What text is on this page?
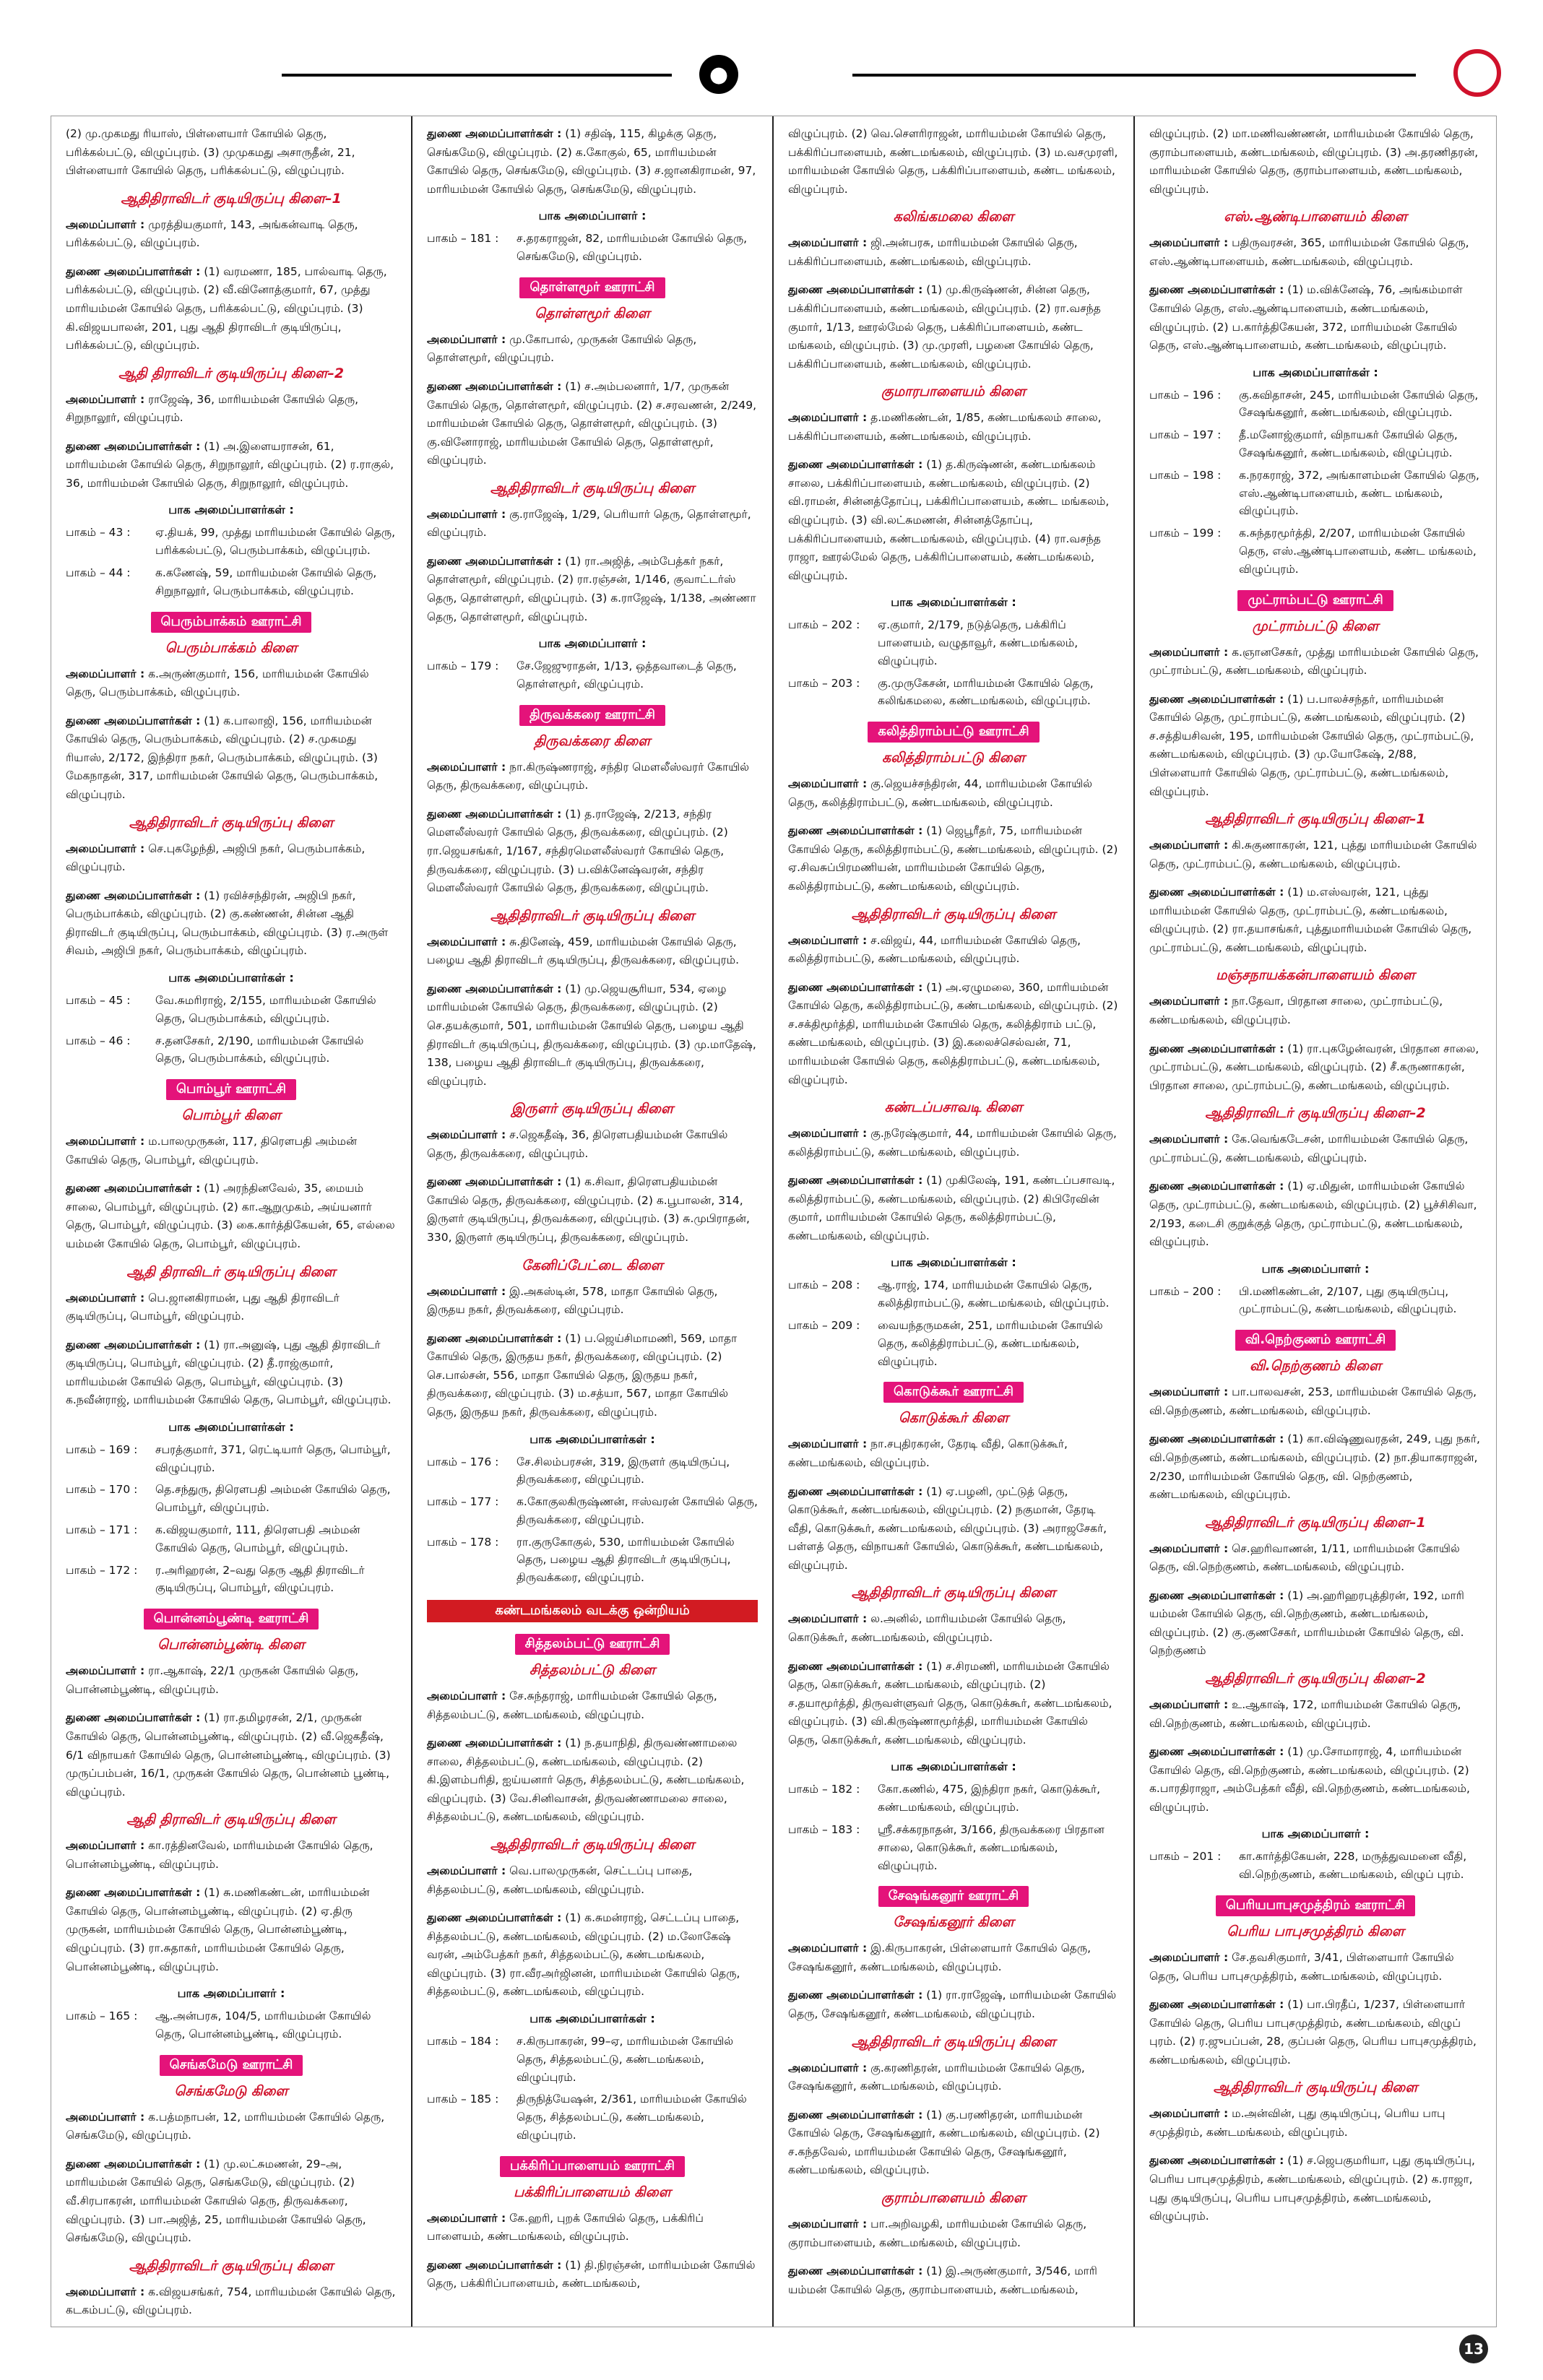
●

(2) மு.முகமது ரியாஸ், பிள்ளையார் கோயில் தெரு, பரிக்கல்பட்டு, விழுப்புரம். (3) முமுகமது அசாருதீன், 21, பிள்ளையார் கோயில் தெரு, பரிக்கல்பட்டு, விழுப்புரம்.

ஆதிதிராவிடர் குடியிருப்பு கிளை–1

அமைப்பாளர் : முரத்தியகுமார், 143, அங்கன்வாடி தெரு, பரிக்கல்பட்டு, விழுப்புரம்.

துணை அமைப்பாளர்கள் : (1) வரமணா, 185, பால்வாடி தெரு, பரிக்கல்பட்டு, விழுப்புரம். (2) வீ.வினோத்குமார், 67, முத்து மாரியம்மன் கோயில் தெரு, பரிக்கல்பட்டு, விழுப்புரம். (3) கி.விஜயபாலன், 201, புது ஆதி திராவிடர் குடியிருப்பு, பரிக்கல்பட்டு, விழுப்புரம்.

ஆதி திராவிடர் குடியிருப்பு கிளை–2

அமைப்பாளர் : ராஜேஷ், 36, மாரியம்மன் கோயில் தெரு, சிறுநாலூர், விழுப்புரம்.

துணை அமைப்பாளர்கள் : (1) அ.இளையராசன், 61, மாரியம்மன் கோயில் தெரு, சிறுநாலூர், விழுப்புரம். (2) ர.ராகுல், 36, மாரியம்மன் கோயில் தெரு, சிறுநாலூர், விழுப்புரம்.

பாக அமைப்பாளர்கள் :
பாகம் – 43 :	ஏ.தியக், 99, முத்து மாரியம்மன் கோயில் தெரு, பரிக்கல்பட்டு, பெரும்பாக்கம், விழுப்புரம்.
பாகம் – 44 :	க.கணேஷ், 59, மாரியம்மன் கோயில் தெரு, சிறுநாலூர், பெரும்பாக்கம், விழுப்புரம்.
பெரும்பாக்கம் ஊராட்சி
பெரும்பாக்கம் கிளை

அமைப்பாளர் : க.அருண்குமார், 156, மாரியம்மன் கோயில் தெரு, பெரும்பாக்கம், விழுப்புரம்.

துணை அமைப்பாளர்கள் : (1) க.பாலாஜி, 156, மாரியம்மன் கோயில் தெரு, பெரும்பாக்கம், விழுப்புரம். (2) ச.முகமது ரியாஸ், 2/172, இந்திரா நகர், பெரும்பாக்கம், விழுப்புரம். (3) மேகநாதன், 317, மாரியம்மன் கோயில் தெரு, பெரும்பாக்கம், விழுப்புரம்.

ஆதிதிராவிடர் குடியிருப்பு கிளை

அமைப்பாளர் : செ.புகழேந்தி, அஜிபி நகர், பெரும்பாக்கம், விழுப்புரம்.

துணை அமைப்பாளர்கள் : (1) ரவிச்சந்திரன், அஜிபி நகர், பெரும்பாக்கம், விழுப்புரம். (2) கு.கண்ணன், சின்ன ஆதி திராவிடர் குடியிருப்பு, பெரும்பாக்கம், விழுப்புரம். (3) ர.அருள் சிவம், அஜிபி நகர், பெரும்பாக்கம், விழுப்புரம்.

பாக அமைப்பாளர்கள் :
பாகம் – 45 :	வே.சுமரிராஜ், 2/155, மாரியம்மன் கோயில் தெரு, பெரும்பாக்கம், விழுப்புரம்.
பாகம் – 46 :	ச.தனசேகர், 2/190, மாரியம்மன் கோயில் தெரு, பெரும்பாக்கம், விழுப்புரம்.
பொம்பூர் ஊராட்சி
பொம்பூர் கிளை

அமைப்பாளர் : ம.பாலமுருகன், 117, திரௌபதி அம்மன் கோயில் தெரு, பொம்பூர், விழுப்புரம்.

துணை அமைப்பாளர்கள் : (1) அரந்தினவேல், 35, மையம் சாலை, பொம்பூர், விழுப்புரம். (2) கா.ஆறுமுகம், அய்யனார் தெரு, பொம்பூர், விழுப்புரம். (3) கை.கார்த்திகேயன், 65, எல்லை யம்மன் கோயில் தெரு, பொம்பூர், விழுப்புரம்.

ஆதி திராவிடர் குடியிருப்பு கிளை

அமைப்பாளர் : பெ.ஜானகிராமன், புது ஆதி திராவிடர் குடியிருப்பு, பொம்பூர், விழுப்புரம்.

துணை அமைப்பாளர்கள் : (1) ரா.அனுஷ், புது ஆதி திராவிடர் குடியிருப்பு, பொம்பூர், விழுப்புரம். (2) தீ.ராஜ்குமார், மாரியம்மன் கோயில் தெரு, பொம்பூர், விழுப்புரம். (3) க.நவீன்ராஜ், மாரியம்மன் கோயில் தெரு, பொம்பூர், விழுப்புரம்.

பாக அமைப்பாளர்கள் :
பாகம் – 169 :	சபரத்குமார், 371, ரெட்டியார் தெரு, பொம்பூர், விழுப்புரம்.
பாகம் – 170 :	தெ.சந்துரு, திரௌபதி அம்மன் கோயில் தெரு, பொம்பூர், விழுப்புரம்.
பாகம் – 171 :	க.விஜயகுமார், 111, திரௌபதி அம்மன் கோயில் தெரு, பொம்பூர், விழுப்புரம்.
பாகம் – 172 :	ர.அரிஹரன், 2–வது தெரு ஆதி திராவிடர் குடியிருப்பு, பொம்பூர், விழுப்புரம்.
பொன்னம்பூண்டி ஊராட்சி
பொன்னம்பூண்டி கிளை

அமைப்பாளர் : ரா.ஆகாஷ், 22/1 முருகன் கோயில் தெரு, பொன்னம்பூண்டி, விழுப்புரம்.

துணை அமைப்பாளர்கள் : (1) ரா.தமிழரசன், 2/1, முருகன் கோயில் தெரு, பொன்னம்பூண்டி, விழுப்புரம். (2) வீ.ஜெகதீஷ், 6/1 விநாயகர் கோயில் தெரு, பொன்னம்பூண்டி, விழுப்புரம். (3) முருப்பம்பன், 16/1, முருகன் கோயில் தெரு, பொன்னம் பூண்டி, விழுப்புரம்.

ஆதி திராவிடர் குடியிருப்பு கிளை

அமைப்பாளர் : கா.ரத்தினவேல், மாரியம்மன் கோயில் தெரு, பொன்னம்பூண்டி, விழுப்புரம்.

துணை அமைப்பாளர்கள் : (1) சு.மணிகண்டன், மாரியம்மன் கோயில் தெரு, பொன்னம்பூண்டி, விழுப்புரம். (2) ஏ.திரு முருகன், மாரியம்மன் கோயில் தெரு, பொன்னம்பூண்டி, விழுப்புரம். (3) ரா.சுதாகர், மாரியம்மன் கோயில் தெரு, பொன்னம்பூண்டி, விழுப்புரம்.

பாக அமைப்பாளர் :
பாகம் – 165 :	ஆ.அன்பரசு, 104/5, மாரியம்மன் கோயில் தெரு, பொன்னம்பூண்டி, விழுப்புரம்.
செங்கமேடு ஊராட்சி
செங்கமேடு கிளை

அமைப்பாளர் : க.பத்மநாபன், 12, மாரியம்மன் கோயில் தெரு, செங்கமேடு, விழுப்புரம்.

துணை அமைப்பாளர்கள் : (1) மு.லட்சுமணன், 29–அ, மாரியம்மன் கோயில் தெரு, செங்கமேடு, விழுப்புரம். (2) வீ.சிரபாகரன், மாரியம்மன் கோயில் தெரு, திருவக்கரை, விழுப்புரம். (3) பா.அஜித், 25, மாரியம்மன் கோயில் தெரு, செங்கமேடு, விழுப்புரம்.

ஆதிதிராவிடர் குடியிருப்பு கிளை

அமைப்பாளர் : க.விஜயசங்கர், 754, மாரியம்மன் கோயில் தெரு, கடகம்பட்டு, விழுப்புரம்.

துணை அமைப்பாளர்கள் : (1) சதிஷ், 115, கிழக்கு தெரு, செங்கமேடு, விழுப்புரம். (2) க.கோகுல், 65, மாரியம்மன் கோயில் தெரு, செங்கமேடு, விழுப்புரம். (3) ச.ஜானகிராமன், 97, மாரியம்மன் கோயில் தெரு, செங்கமேடு, விழுப்புரம்.

பாக அமைப்பாளர் :
பாகம் – 181 :	ச.தரகராஜன், 82, மாரியம்மன் கோயில் தெரு, செங்கமேடு, விழுப்புரம்.
தொள்ளமூர் ஊராட்சி
தொள்ளமூர் கிளை

அமைப்பாளர் : மு.கோபால், முருகன் கோயில் தெரு, தொள்ளமூர், விழுப்புரம்.

துணை அமைப்பாளர்கள் : (1) ச.அம்பலனார், 1/7, முருகன் கோயில் தெரு, தொள்ளமூர், விழுப்புரம். (2) ச.சரவணன், 2/249, மாரியம்மன் கோயில் தெரு, தொள்ளமூர், விழுப்புரம். (3) கு.வினோராஜ், மாரியம்மன் கோயில் தெரு, தொள்ளமூர், விழுப்புரம்.

ஆதிதிராவிடர் குடியிருப்பு கிளை

அமைப்பாளர் : கு.ராஜேஷ், 1/29, பெரியார் தெரு, தொள்ளமூர், விழுப்புரம்.

துணை அமைப்பாளர்கள் : (1) ரா.அஜித், அம்பேத்கர் நகர், தொள்ளமூர், விழுப்புரம். (2) ரா.ரஞ்சன், 1/146, குவாட்டர்ஸ் தெரு, தொள்ளமூர், விழுப்புரம். (3) க.ராஜேஷ், 1/138, அண்ணா தெரு, தொள்ளமூர், விழுப்புரம்.

பாக அமைப்பாளர் :
பாகம் – 179 :	சே.ஜேஜுராதன், 1/13, ஒத்தவாடைத் தெரு, தொள்ளமூர், விழுப்புரம்.
திருவக்கரை ஊராட்சி
திருவக்கரை கிளை

அமைப்பாளர் : நா.கிருஷ்ணராஜ், சந்திர மௌலீஸ்வரர் கோயில் தெரு, திருவக்கரை, விழுப்புரம்.

துணை அமைப்பாளர்கள் : (1) த.ராஜேஷ், 2/213, சந்திர மௌலீஸ்வரர் கோயில் தெரு, திருவக்கரை, விழுப்புரம். (2) ரா.ஜெயசங்கர், 1/167, சந்திரமௌலீஸ்வரர் கோயில் தெரு, திருவக்கரை, விழுப்புரம். (3) ப.விக்னேஷ்வரன், சந்திர மௌலீஸ்வரர் கோயில் தெரு, திருவக்கரை, விழுப்புரம்.

ஆதிதிராவிடர் குடியிருப்பு கிளை

அமைப்பாளர் : சு.தினேஷ், 459, மாரியம்மன் கோயில் தெரு, பழைய ஆதி திராவிடர் குடியிருப்பு, திருவக்கரை, விழுப்புரம்.

துணை அமைப்பாளர்கள் : (1) மு.ஜெயசூரியா, 534, ஏழை மாரியம்மன் கோயில் தெரு, திருவக்கரை, விழுப்புரம். (2) செ.தயக்குமார், 501, மாரியம்மன் கோயில் தெரு, பழைய ஆதி திராவிடர் குடியிருப்பு, திருவக்கரை, விழுப்புரம். (3) மு.மாதேஷ், 138, பழைய ஆதி திராவிடர் குடியிருப்பு, திருவக்கரை, விழுப்புரம்.

இருளர் குடியிருப்பு கிளை

அமைப்பாளர் : ச.ஜெகதீஷ், 36, திரௌபதியம்மன் கோயில் தெரு, திருவக்கரை, விழுப்புரம்.

துணை அமைப்பாளர்கள் : (1) க.சிவா, திரௌபதியம்மன் கோயில் தெரு, திருவக்கரை, விழுப்புரம். (2) க.பூபாலன், 314, இருளர் குடியிருப்பு, திருவக்கரை, விழுப்புரம். (3) சு.முபிராதன், 330, இருளர் குடியிருப்பு, திருவக்கரை, விழுப்புரம்.

கேனிப்பேட்டை கிளை

அமைப்பாளர் : இ.அகஸ்டின், 578, மாதா கோயில் தெரு, இருதய நகர், திருவக்கரை, விழுப்புரம்.

துணை அமைப்பாளர்கள் : (1) ப.ஜெய்சிமாமணி, 569, மாதா கோயில் தெரு, இருதய நகர், திருவக்கரை, விழுப்புரம். (2) செ.பால்சன், 556, மாதா கோயில் தெரு, இருதய நகர், திருவக்கரை, விழுப்புரம். (3) ம.சத்யா, 567, மாதா கோயில் தெரு, இருதய நகர், திருவக்கரை, விழுப்புரம்.

பாக அமைப்பாளர்கள் :
பாகம் – 176 :	சே.சிலம்பரசன், 319, இருளர் குடியிருப்பு, திருவக்கரை, விழுப்புரம்.
பாகம் – 177 :	க.கோகுலகிருஷ்ணன், ஈஸ்வரன் கோயில் தெரு, திருவக்கரை, விழுப்புரம்.
பாகம் – 178 :	ரா.குருகோகுல், 530, மாரியம்மன் கோயில் தெரு, பழைய ஆதி திராவிடர் குடியிருப்பு, திருவக்கரை, விழுப்புரம்.
கண்டமங்கலம் வடக்கு ஒன்றியம்
சித்தலம்பட்டு ஊராட்சி
சித்தலம்பட்டு கிளை

அமைப்பாளர் : சே.சுந்தராஜ், மாரியம்மன் கோயில் தெரு, சித்தலம்பட்டு, கண்டமங்கலம், விழுப்புரம்.

துணை அமைப்பாளர்கள் : (1) ந.தயாநிதி, திருவண்ணாமலை சாலை, சித்தலம்பட்டு, கண்டமங்கலம், விழுப்புரம். (2) கி.இளம்பரிதி, ஐய்யனார் தெரு, சித்தலம்பட்டு, கண்டமங்கலம், விழுப்புரம். (3) வே.சினிவாசன், திருவண்ணாமலை சாலை, சித்தலம்பட்டு, கண்டமங்கலம், விழுப்புரம்.

ஆதிதிராவிடர் குடியிருப்பு கிளை

அமைப்பாளர் : வெ.பாலமுருகன், செட்டப்பு பாதை, சித்தலம்பட்டு, கண்டமங்கலம், விழுப்புரம்.

துணை அமைப்பாளர்கள் : (1) க.சுமன்ராஜ், செட்டப்பு பாதை, சித்தலம்பட்டு, கண்டமங்கலம், விழுப்புரம். (2) ம.லோகேஷ் வரன், அம்பேத்கர் நகர், சித்தலம்பட்டு, கண்டமங்கலம், விழுப்புரம். (3) ரா.வீரஅர்ஜினன், மாரியம்மன் கோயில் தெரு, சித்தலம்பட்டு, கண்டமங்கலம், விழுப்புரம்.

பாக அமைப்பாளர்கள் :
பாகம் – 184 :	ச.கிருபாகரன், 99–ஏ, மாரியம்மன் கோயில் தெரு, சித்தலம்பட்டு, கண்டமங்கலம், விழுப்புரம்.
பாகம் – 185 :	திருநித்யேஷன், 2/361, மாரியம்மன் கோயில் தெரு, சித்தலம்பட்டு, கண்டமங்கலம், விழுப்புரம்.
பக்கிரிப்பாளையம் ஊராட்சி
பக்கிரிப்பாளையம் கிளை

அமைப்பாளர் : கே.ஹரி, புறக் கோயில் தெரு, பக்கிரிப் பாளையம், கண்டமங்கலம், விழுப்புரம்.

துணை அமைப்பாளர்கள் : (1) தி.நிரஞ்சன், மாரியம்மன் கோயில் தெரு, பக்கிரிப்பாளையம், கண்டமங்கலம்,

விழுப்புரம். (2) வெ.சௌரிராஜன், மாரியம்மன் கோயில் தெரு, பக்கிரிப்பாளையம், கண்டமங்கலம், விழுப்புரம். (3) ம.வசமுரளி, மாரியம்மன் கோயில் தெரு, பக்கிரிப்பாளையம், கண்ட மங்கலம், விழுப்புரம்.

கலிங்கமலை கிளை

அமைப்பாளர் : ஜி.அன்பரசு, மாரியம்மன் கோயில் தெரு, பக்கிரிப்பாளையம், கண்டமங்கலம், விழுப்புரம்.

துணை அமைப்பாளர்கள் : (1) மு.கிருஷ்ணன், சின்ன தெரு, பக்கிரிப்பாளையம், கண்டமங்கலம், விழுப்புரம். (2) ரா.வசந்த குமார், 1/13, ஊரல்மேல் தெரு, பக்கிரிப்பாளையம், கண்ட மங்கலம், விழுப்புரம். (3) மு.முரளி, பழனை கோயில் தெரு, பக்கிரிப்பாளையம், கண்டமங்கலம், விழுப்புரம்.

குமாரபாளையம் கிளை

அமைப்பாளர் : த.மணிகண்டன், 1/85, கண்டமங்கலம் சாலை, பக்கிரிப்பாளையம், கண்டமங்கலம், விழுப்புரம்.

துணை அமைப்பாளர்கள் : (1) த.கிருஷ்ணன், கண்டமங்கலம் சாலை, பக்கிரிப்பாளையம், கண்டமங்கலம், விழுப்புரம். (2) வி.ராமன், சின்னத்தோப்பு, பக்கிரிப்பாளையம், கண்ட மங்கலம், விழுப்புரம். (3) வி.லட்சுமணன், சின்னத்தோப்பு, பக்கிரிப்பாளையம், கண்டமங்கலம், விழுப்புரம். (4) ரா.வசந்த ராஜா, ஊரல்மேல் தெரு, பக்கிரிப்பாளையம், கண்டமங்கலம், விழுப்புரம்.

பாக அமைப்பாளர்கள் :
பாகம் – 202 :	ஏ.குமார், 2/179, நடுத்தெரு, பக்கிரிப் பாளையம், வழுதாவூர், கண்டமங்கலம், விழுப்புரம்.
பாகம் – 203 :	கு.முருகேசன், மாரியம்மன் கோயில் தெரு, கலிங்கமலை, கண்டமங்கலம், விழுப்புரம்.
கலித்திராம்பட்டு ஊராட்சி
கலித்திராம்பட்டு கிளை

அமைப்பாளர் : கு.ஜெயச்சந்திரன், 44, மாரியம்மன் கோயில் தெரு, கலித்திராம்பட்டு, கண்டமங்கலம், விழுப்புரம்.

துணை அமைப்பாளர்கள் : (1) ஜெபூரீதர், 75, மாரியம்மன் கோயில் தெரு, கலித்திராம்பட்டு, கண்டமங்கலம், விழுப்புரம். (2) ஏ.சிவசுப்பிரமணியன், மாரியம்மன் கோயில் தெரு, கலித்திராம்பட்டு, கண்டமங்கலம், விழுப்புரம்.

ஆதிதிராவிடர் குடியிருப்பு கிளை

அமைப்பாளர் : ச.விஜய், 44, மாரியம்மன் கோயில் தெரு, கலித்திராம்பட்டு, கண்டமங்கலம், விழுப்புரம்.

துணை அமைப்பாளர்கள் : (1) அ.ஏழுமலை, 360, மாரியம்மன் கோயில் தெரு, கலித்திராம்பட்டு, கண்டமங்கலம், விழுப்புரம். (2) ச.சக்திமூர்த்தி, மாரியம்மன் கோயில் தெரு, கலித்திராம் பட்டு, கண்டமங்கலம், விழுப்புரம். (3) இ.கலைச்செல்வன், 71, மாரியம்மன் கோயில் தெரு, கலித்திராம்பட்டு, கண்டமங்கலம், விழுப்புரம்.

கண்டப்பசாவடி கிளை

அமைப்பாளர் : கு.நரேஷ்குமார், 44, மாரியம்மன் கோயில் தெரு, கலித்திராம்பட்டு, கண்டமங்கலம், விழுப்புரம்.

துணை அமைப்பாளர்கள் : (1) முகிலேஷ், 191, கண்டப்பசாவடி, கலித்திராம்பட்டு, கண்டமங்கலம், விழுப்புரம். (2) கிபிரேவின் குமார், மாரியம்மன் கோயில் தெரு, கலித்திராம்பட்டு, கண்டமங்கலம், விழுப்புரம்.

பாக அமைப்பாளர்கள் :
பாகம் – 208 :	ஆ.ராஜ், 174, மாரியம்மன் கோயில் தெரு, கலித்திராம்பட்டு, கண்டமங்கலம், விழுப்புரம்.
பாகம் – 209 :	வையந்தருமகன், 251, மாரியம்மன் கோயில் தெரு, கலித்திராம்பட்டு, கண்டமங்கலம், விழுப்புரம்.
கொடுக்கூர் ஊராட்சி
கொடுக்கூர் கிளை

அமைப்பாளர் : நா.சபுதிரகரன், தேரடி வீதி, கொடுக்கூர், கண்டமங்கலம், விழுப்புரம்.

துணை அமைப்பாளர்கள் : (1) ஏ.பழனி, முட்டுத் தெரு, கொடுக்கூர், கண்டமங்கலம், விழுப்புரம். (2) நகுமான், தேரடி வீதி, கொடுக்கூர், கண்டமங்கலம், விழுப்புரம். (3) அராஜசேகர், பள்ளத் தெரு, விநாயகர் கோயில், கொடுக்கூர், கண்டமங்கலம், விழுப்புரம்.

ஆதிதிராவிடர் குடியிருப்பு கிளை

அமைப்பாளர் : ல.அனில், மாரியம்மன் கோயில் தெரு, கொடுக்கூர், கண்டமங்கலம், விழுப்புரம்.

துணை அமைப்பாளர்கள் : (1) ச.சிரமணி, மாரியம்மன் கோயில் தெரு, கொடுக்கூர், கண்டமங்கலம், விழுப்புரம். (2) ச.தயாமூர்த்தி, திருவள்ளுவர் தெரு, கொடுக்கூர், கண்டமங்கலம், விழுப்புரம். (3) வி.கிருஷ்ணாமூர்த்தி, மாரியம்மன் கோயில் தெரு, கொடுக்கூர், கண்டமங்கலம், விழுப்புரம்.

பாக அமைப்பாளர்கள் :
பாகம் – 182 :	கோ.கணில், 475, இந்திரா நகர், கொடுக்கூர், கண்டமங்கலம், விழுப்புரம்.
பாகம் – 183 :	ஸ்ரீ.சக்கரநாதன், 3/166, திருவக்கரை பிரதான சாலை, கொடுக்கூர், கண்டமங்கலம், விழுப்புரம்.
சேஷங்கனூர் ஊராட்சி
சேஷங்கனூர் கிளை

அமைப்பாளர் : இ.கிருபாகரன், பிள்ளையார் கோயில் தெரு, சேஷங்கனூர், கண்டமங்கலம், விழுப்புரம்.

துணை அமைப்பாளர்கள் : (1) ரா.ராஜேஷ், மாரியம்மன் கோயில் தெரு, சேஷங்கனூர், கண்டமங்கலம், விழுப்புரம்.

ஆதிதிராவிடர் குடியிருப்பு கிளை

அமைப்பாளர் : கு.கரணிதரன், மாரியம்மன் கோயில் தெரு, சேஷங்கனூர், கண்டமங்கலம், விழுப்புரம்.

துணை அமைப்பாளர்கள் : (1) கு.பரணிதரன், மாரியம்மன் கோயில் தெரு, சேஷங்கனூர், கண்டமங்கலம், விழுப்புரம். (2) ச.கந்தவேல், மாரியம்மன் கோயில் தெரு, சேஷங்கனூர், கண்டமங்கலம், விழுப்புரம்.

குராம்பாளையம் கிளை

அமைப்பாளர் : பா.அறிவழகி, மாரியம்மன் கோயில் தெரு, குராம்பாளையம், கண்டமங்கலம், விழுப்புரம்.

துணை அமைப்பாளர்கள் : (1) இ.அருண்குமார், 3/546, மாரி யம்மன் கோயில் தெரு, குராம்பாளையம், கண்டமங்கலம்,

விழுப்புரம். (2) மா.மணிவண்ணன், மாரியம்மன் கோயில் தெரு, குராம்பாளையம், கண்டமங்கலம், விழுப்புரம். (3) அ.தரணிதரன், மாரியம்மன் கோயில் தெரு, குராம்பாளையம், கண்டமங்கலம், விழுப்புரம்.

எஸ்.ஆண்டிபாளையம் கிளை

அமைப்பாளர் : பதிருவரசன், 365, மாரியம்மன் கோயில் தெரு, எஸ்.ஆண்டிபாளையம், கண்டமங்கலம், விழுப்புரம்.

துணை அமைப்பாளர்கள் : (1) ம.விக்னேஷ், 76, அங்கம்மாள் கோயில் தெரு, எஸ்.ஆண்டிபாளையம், கண்டமங்கலம், விழுப்புரம். (2) ப.கார்த்திகேயன், 372, மாரியம்மன் கோயில் தெரு, எஸ்.ஆண்டிபாளையம், கண்டமங்கலம், விழுப்புரம்.

பாக அமைப்பாளர்கள் :
பாகம் – 196 :	கு.கவிதாசன், 245, மாரியம்மன் கோயில் தெரு, சேஷங்கனூர், கண்டமங்கலம், விழுப்புரம்.
பாகம் – 197 :	தீ.மனோஜ்குமார், விநாயகர் கோயில் தெரு, சேஷங்கனூர், கண்டமங்கலம், விழுப்புரம்.
பாகம் – 198 :	க.நரகராஜ், 372, அங்காளம்மன் கோயில் தெரு, எஸ்.ஆண்டிபாளையம், கண்ட மங்கலம், விழுப்புரம்.
பாகம் – 199 :	க.சுந்தரமூர்த்தி, 2/207, மாரியம்மன் கோயில் தெரு, எஸ்.ஆண்டிபாளையம், கண்ட மங்கலம், விழுப்புரம்.
முட்ராம்பட்டு ஊராட்சி
முட்ராம்பட்டு கிளை

அமைப்பாளர் : க.ஞானசேகர், முத்து மாரியம்மன் கோயில் தெரு, முட்ராம்பட்டு, கண்டமங்கலம், விழுப்புரம்.

துணை அமைப்பாளர்கள் : (1) ப.பாலச்சந்தர், மாரியம்மன் கோயில் தெரு, முட்ராம்பட்டு, கண்டமங்கலம், விழுப்புரம். (2) ச.சத்தியசிவன், 195, மாரியம்மன் கோயில் தெரு, முட்ராம்பட்டு, கண்டமங்கலம், விழுப்புரம். (3) மு.யோகேஷ், 2/88, பிள்ளையார் கோயில் தெரு, முட்ராம்பட்டு, கண்டமங்கலம், விழுப்புரம்.

ஆதிதிராவிடர் குடியிருப்பு கிளை–1

அமைப்பாளர் : கி.சுகுணாகரன், 121, புத்து மாரியம்மன் கோயில் தெரு, முட்ராம்பட்டு, கண்டமங்கலம், விழுப்புரம்.

துணை அமைப்பாளர்கள் : (1) ம.எஸ்வரன், 121, புத்து மாரியம்மன் கோயில் தெரு, முட்ராம்பட்டு, கண்டமங்கலம், விழுப்புரம். (2) ரா.தயாசங்கர், புத்துமாரியம்மன் கோயில் தெரு, முட்ராம்பட்டு, கண்டமங்கலம், விழுப்புரம்.

மஞ்சநாயக்கன்பாளையம் கிளை

அமைப்பாளர் : நா.தேவா, பிரதான சாலை, முட்ராம்பட்டு, கண்டமங்கலம், விழுப்புரம்.

துணை அமைப்பாளர்கள் : (1) ரா.புகழேன்வரன், பிரதான சாலை, முட்ராம்பட்டு, கண்டமங்கலம், விழுப்புரம். (2) சீ.கருணாகரன், பிரதான சாலை, முட்ராம்பட்டு, கண்டமங்கலம், விழுப்புரம்.

ஆதிதிராவிடர் குடியிருப்பு கிளை–2

அமைப்பாளர் : கே.வெங்கடேசன், மாரியம்மன் கோயில் தெரு, முட்ராம்பட்டு, கண்டமங்கலம், விழுப்புரம்.

துணை அமைப்பாளர்கள் : (1) ஏ.மிதுன், மாரியம்மன் கோயில் தெரு, முட்ராம்பட்டு, கண்டமங்கலம், விழுப்புரம். (2) பூச்சிசிவா, 2/193, கடைசி குறுக்குத் தெரு, முட்ராம்பட்டு, கண்டமங்கலம், விழுப்புரம்.

பாக அமைப்பாளர் :
பாகம் – 200 :	பி.மணிகண்டன், 2/107, புது குடியிருப்பு, முட்ராம்பட்டு, கண்டமங்கலம், விழுப்புரம்.
வி.நெற்குணம் ஊராட்சி
வி.நெற்குணம் கிளை

அமைப்பாளர் : பா.பாலவசன், 253, மாரியம்மன் கோயில் தெரு, வி.நெற்குணம், கண்டமங்கலம், விழுப்புரம்.

துணை அமைப்பாளர்கள் : (1) கா.விஷ்ணுவரதன், 249, புது நகர், வி.நெற்குணம், கண்டமங்கலம், விழுப்புரம். (2) நா.தியாகராஜன், 2/230, மாரியம்மன் கோயில் தெரு, வி. நெற்குணம், கண்டமங்கலம், விழுப்புரம்.

ஆதிதிராவிடர் குடியிருப்பு கிளை–1

அமைப்பாளர் : செ.ஹரிவாணன், 1/11, மாரியம்மன் கோயில் தெரு, வி.நெற்குணம், கண்டமங்கலம், விழுப்புரம்.

துணை அமைப்பாளர்கள் : (1) அ.ஹரிஹரபுத்திரன், 192, மாரி யம்மன் கோயில் தெரு, வி.நெற்குணம், கண்டமங்கலம், விழுப்புரம். (2) கு.குணசேகர், மாரியம்மன் கோயில் தெரு, வி. நெற்குணம்

ஆதிதிராவிடர் குடியிருப்பு கிளை–2

அமைப்பாளர் : உ.ஆகாஷ், 172, மாரியம்மன் கோயில் தெரு, வி.நெற்குணம், கண்டமங்கலம், விழுப்புரம்.

துணை அமைப்பாளர்கள் : (1) மு.சோமாராஜ், 4, மாரியம்மன் கோயில் தெரு, வி.நெற்குணம், கண்டமங்கலம், விழுப்புரம். (2) க.பாரதிராஜா, அம்பேத்கர் வீதி, வி.நெற்குணம், கண்டமங்கலம், விழுப்புரம்.

பாக அமைப்பாளர் :
பாகம் – 201 :	கா.கார்த்திகேயன், 228, மருத்துவமனை வீதி, வி.நெற்குணம், கண்டமங்கலம், விழுப் புரம்.
பெரியபாபுசமுத்திரம் ஊராட்சி
பெரிய பாபுசமுத்திரம் கிளை

அமைப்பாளர் : சே.தவசிகுமார், 3/41, பிள்ளையார் கோயில் தெரு, பெரிய பாபுசமுத்திரம், கண்டமங்கலம், விழுப்புரம்.

துணை அமைப்பாளர்கள் : (1) பா.பிரதீப், 1/237, பிள்ளையார் கோயில் தெரு, பெரிய பாபுசமுத்திரம், கண்டமங்கலம், விழுப் புரம். (2) ர.ஜுபப்பன், 28, குப்பன் தெரு, பெரிய பாபுசமுத்திரம், கண்டமங்கலம், விழுப்புரம்.

ஆதிதிராவிடர் குடியிருப்பு கிளை

அமைப்பாளர் : ம.அன்வின், புது குடியிருப்பு, பெரிய பாபு சமுத்திரம், கண்டமங்கலம், விழுப்புரம்.

துணை அமைப்பாளர்கள் : (1) ச.ஜெபகுமரியா, புது குடியிருப்பு, பெரிய பாபுசமுத்திரம், கண்டமங்கலம், விழுப்புரம். (2) க.ராஜா, புது குடியிருப்பு, பெரிய பாபுசமுத்திரம், கண்டமங்கலம், விழுப்புரம்.

13
